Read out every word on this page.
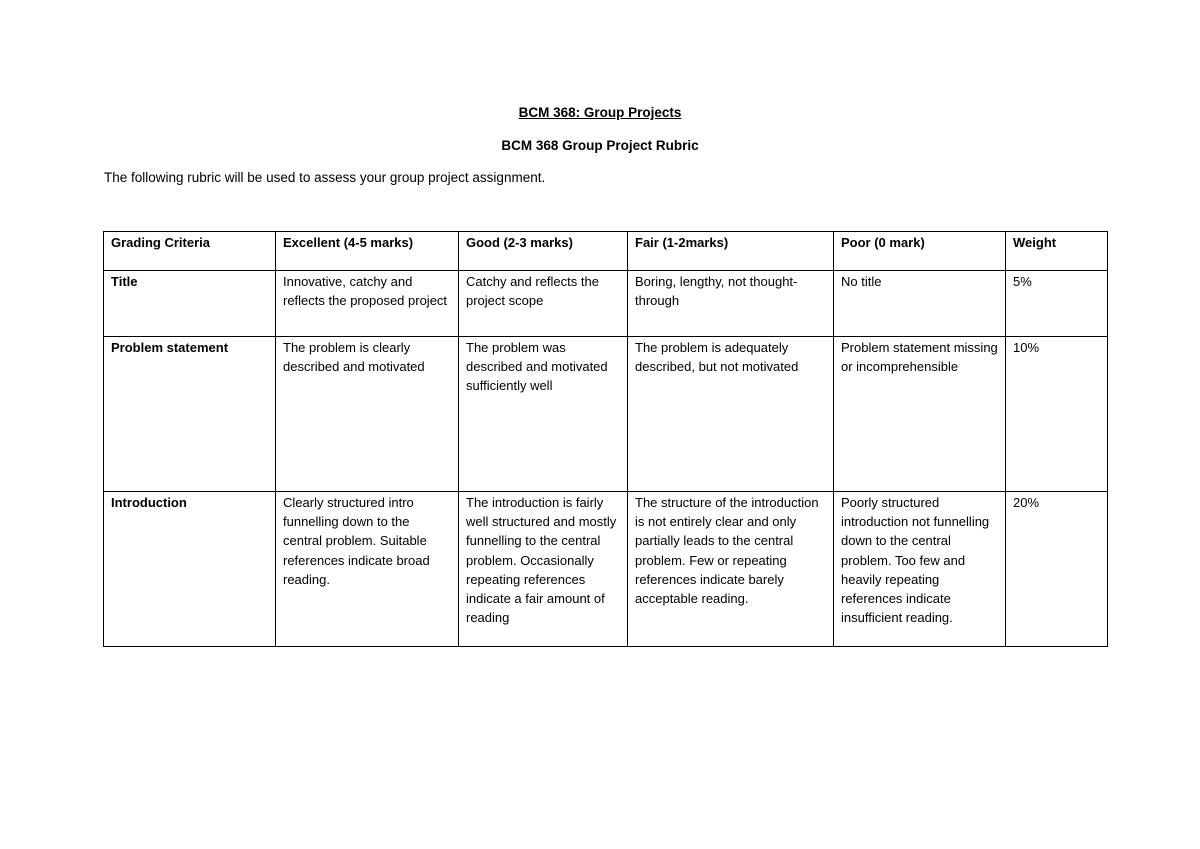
BCM 368: Group Projects
BCM 368 Group Project Rubric
The following rubric will be used to assess your group project assignment.
Grading Criteria	Excellent (4-5 marks)	Good (2-3 marks)	Fair (1-2marks)	Poor (0 mark)	Weight
Title	Innovative, catchy and reflects the proposed project	Catchy and reflects the project scope	Boring, lengthy, not thought-through	No title	5%
Problem statement	The problem is clearly described and motivated	The problem was described and motivated sufficiently well	The problem is adequately described, but not motivated	Problem statement missing or incomprehensible	10%
Introduction	Clearly structured intro funnelling down to the central problem. Suitable references indicate broad reading.	The introduction is fairly well structured and mostly funnelling to the central problem. Occasionally repeating references indicate a fair amount of reading	The structure of the introduction is not entirely clear and only partially leads to the central problem. Few or repeating references indicate barely acceptable reading.	Poorly structured introduction not funnelling down to the central problem. Too few and heavily repeating references indicate insufficient reading.	20%
